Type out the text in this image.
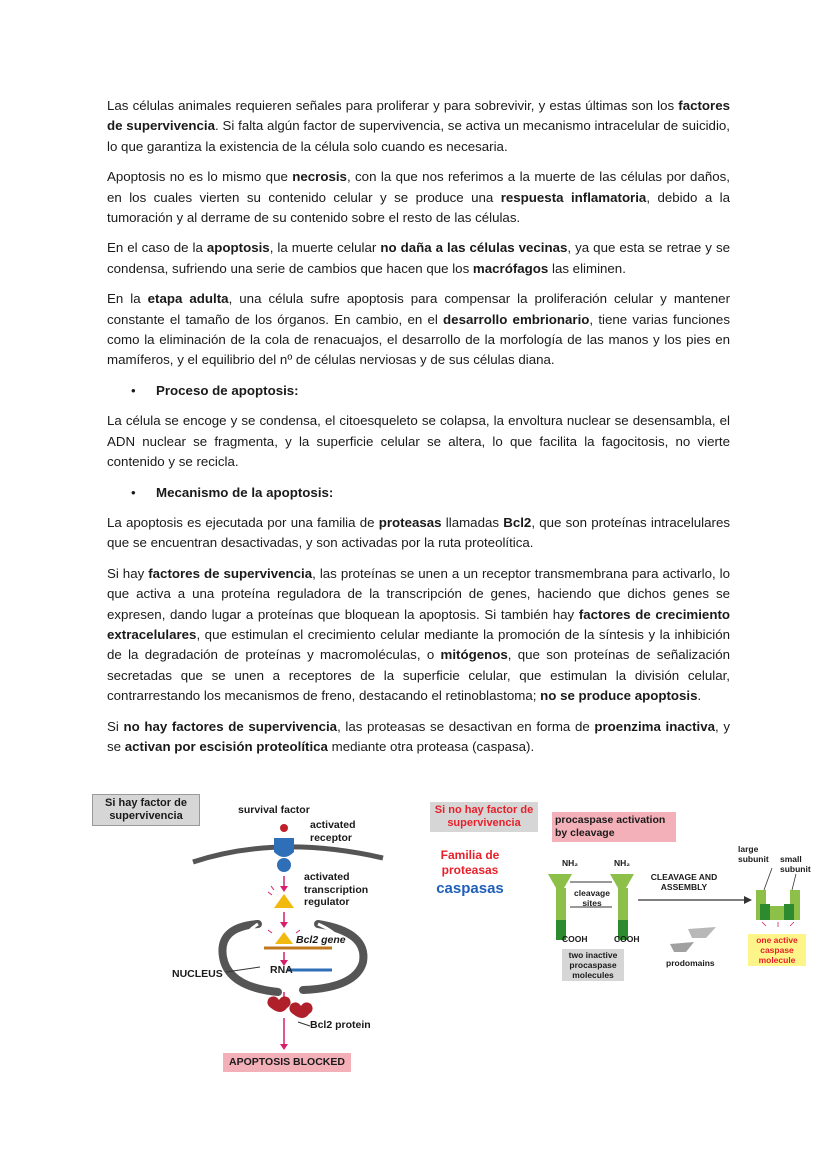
Las células animales requieren señales para proliferar y para sobrevivir, y estas últimas son los factores de supervivencia. Si falta algún factor de supervivencia, se activa un mecanismo intracelular de suicidio, lo que garantiza la existencia de la célula solo cuando es necesaria.

Apoptosis no es lo mismo que necrosis, con la que nos referimos a la muerte de las células por daños, en los cuales vierten su contenido celular y se produce una respuesta inflamatoria, debido a la tumoración y al derrame de su contenido sobre el resto de las células.

En el caso de la apoptosis, la muerte celular no daña a las células vecinas, ya que esta se retrae y se condensa, sufriendo una serie de cambios que hacen que los macrófagos las eliminen.

En la etapa adulta, una célula sufre apoptosis para compensar la proliferación celular y mantener constante el tamaño de los órganos. En cambio, en el desarrollo embrionario, tiene varias funciones como la eliminación de la cola de renacuajos, el desarrollo de la morfología de las manos y los pies en mamíferos, y el equilibrio del nº de células nerviosas y de sus células diana.

• Proceso de apoptosis:

La célula se encoge y se condensa, el citoesqueleto se colapsa, la envoltura nuclear se desensambla, el ADN nuclear se fragmenta, y la superficie celular se altera, lo que facilita la fagocitosis, no vierte contenido y se recicla.

• Mecanismo de la apoptosis:

La apoptosis es ejecutada por una familia de proteasas llamadas Bcl2, que son proteínas intracelulares que se encuentran desactivadas, y son activadas por la ruta proteolítica.

Si hay factores de supervivencia, las proteínas se unen a un receptor transmembrana para activarlo, lo que activa a una proteína reguladora de la transcripción de genes, haciendo que dichos genes se expresen, dando lugar a proteínas que bloquean la apoptosis. Si también hay factores de crecimiento extracelulares, que estimulan el crecimiento celular mediante la promoción de la síntesis y la inhibición de la degradación de proteínas y macromoléculas, o mitógenos, que son proteínas de señalización secretadas que se unen a receptores de la superficie celular, que estimulan la división celular, contrarrestando los mecanismos de freno, destacando el retinoblastoma; no se produce apoptosis.

Si no hay factores de supervivencia, las proteasas se desactivan en forma de proenzima inactiva, y se activan por escisión proteolítica mediante otra proteasa (caspasa).

Si hay factor de supervivencia	survival factor
activated receptor
activated transcription regulator
Bcl2 gene
RNA
NUCLEUS
Bcl2 protein
APOPTOSIS BLOCKED
Si no hay factor de supervivencia
Familia de
proteasas
caspasas
procaspase activation by cleavage
NH₂	NH₂
cleavage sites
COOH	COOH
two inactive procaspase molecules
CLEAVAGE AND ASSEMBLY
prodomains
large subunit	small subunit
one active caspase molecule
